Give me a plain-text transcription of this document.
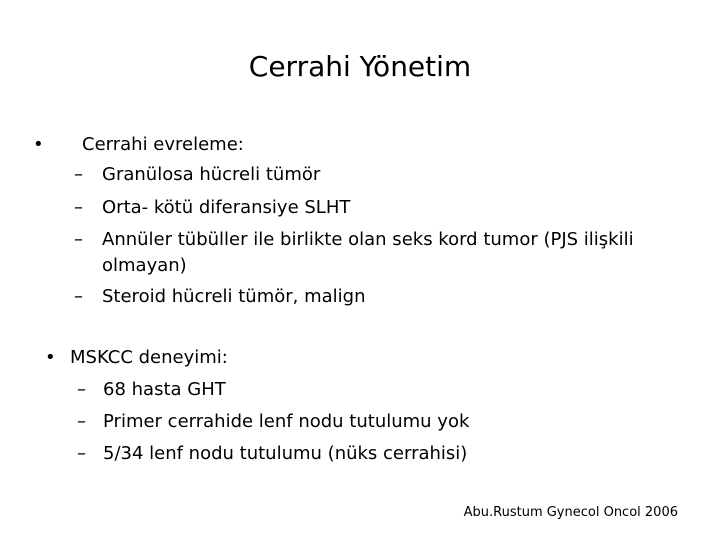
Cerrahi Yönetim
• Cerrahi evreleme:
– Granülosa hücreli tümör
– Orta- kötü diferansiye SLHT
– Annüler tübüller ile birlikte olan seks kord tumor (PJS ilişkili
olmayan)
– Steroid hücreli tümör, malign
• MSKCC deneyimi:
– 68 hasta GHT
– Primer cerrahide lenf nodu tutulumu yok
– 5/34 lenf nodu tutulumu (nüks cerrahisi)
Abu.Rustum Gynecol Oncol 2006
